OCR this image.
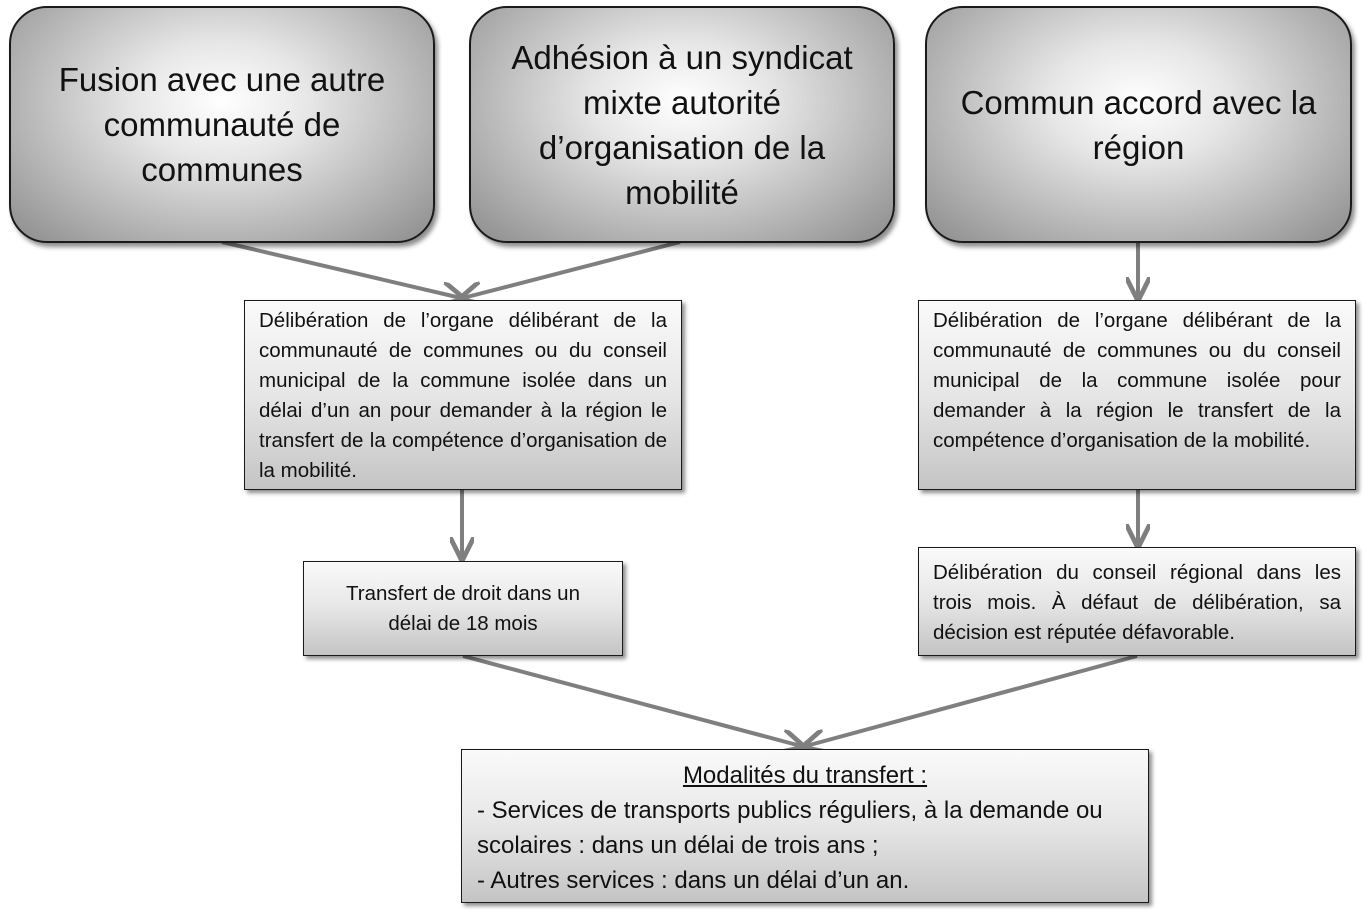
Fusion avec une autre communauté de communes
Adhésion à un syndicat mixte autorité d’organisation de la mobilité
Commun accord avec la région
Délibération de l’organe délibérant de la communauté de communes ou du conseil municipal de la commune isolée dans un délai d’un an pour demander à la région le transfert de la compétence d’organisation de la mobilité.
Délibération de l’organe délibérant de la communauté de communes ou du conseil municipal de la commune isolée pour demander à la région le transfert de la compétence d’organisation de la mobilité.
Transfert de droit dans un délai de 18 mois
Délibération du conseil régional dans les trois mois. À défaut de délibération, sa décision est réputée défavorable.
Modalités du transfert :
- Services de transports publics réguliers, à la demande ou scolaires : dans un délai de trois ans ;
- Autres services : dans un délai d’un an.
